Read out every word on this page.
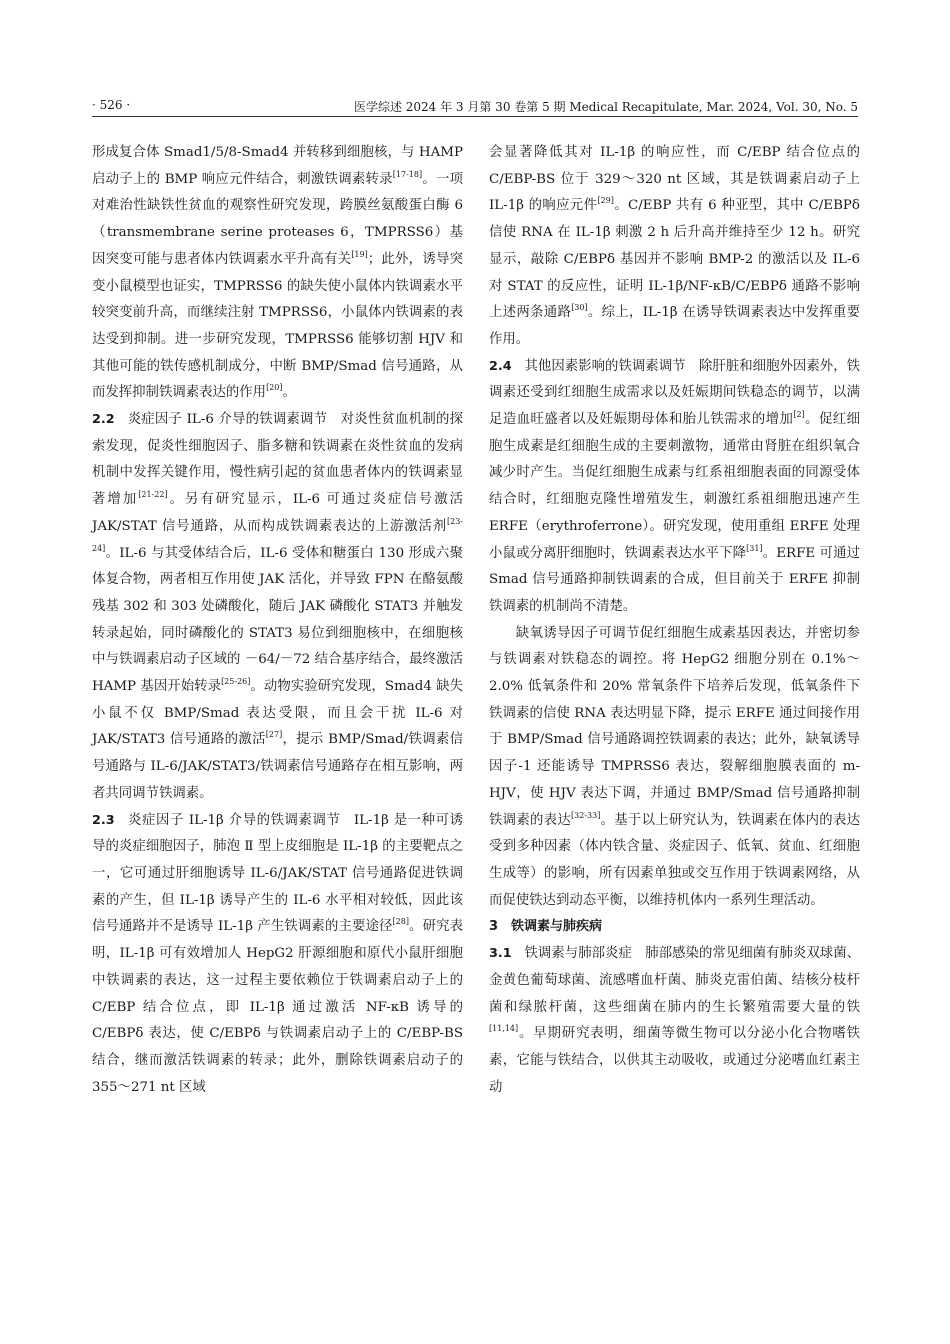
· 526 ·	医学综述 2024 年 3 月第 30 卷第 5 期 Medical Recapitulate, Mar. 2024, Vol. 30, No. 5

形成复合体 Smad1/5/8-Smad4 并转移到细胞核，与 HAMP 启动子上的 BMP 响应元件结合，刺激铁调素转录[17-18]。一项对难治性缺铁性贫血的观察性研究发现，跨膜丝氨酸蛋白酶 6（transmembrane serine proteases 6，TMPRSS6）基因突变可能与患者体内铁调素水平升高有关[19]；此外，诱导突变小鼠模型也证实，TMPRSS6 的缺失使小鼠体内铁调素水平较突变前升高，而继续注射 TMPRSS6，小鼠体内铁调素的表达受到抑制。进一步研究发现，TMPRSS6 能够切割 HJV 和其他可能的铁传感机制成分，中断 BMP/Smad 信号通路，从而发挥抑制铁调素表达的作用[20]。

2.2 炎症因子 IL-6 介导的铁调素调节 对炎性贫血机制的探索发现，促炎性细胞因子、脂多糖和铁调素在炎性贫血的发病机制中发挥关键作用，慢性病引起的贫血患者体内的铁调素显著增加[21-22]。另有研究显示，IL-6 可通过炎症信号激活 JAK/STAT 信号通路，从而构成铁调素表达的上游激活剂[23-24]。IL-6 与其受体结合后，IL-6 受体和糖蛋白 130 形成六聚体复合物，两者相互作用使 JAK 活化，并导致 FPN 在酪氨酸残基 302 和 303 处磷酸化，随后 JAK 磷酸化 STAT3 并触发转录起始，同时磷酸化的 STAT3 易位到细胞核中，在细胞核中与铁调素启动子区域的 －64/－72 结合基序结合，最终激活 HAMP 基因开始转录[25-26]。动物实验研究发现，Smad4 缺失小鼠不仅 BMP/Smad 表达受限，而且会干扰 IL-6 对 JAK/STAT3 信号通路的激活[27]，提示 BMP/Smad/铁调素信号通路与 IL-6/JAK/STAT3/铁调素信号通路存在相互影响，两者共同调节铁调素。

2.3 炎症因子 IL-1β 介导的铁调素调节 IL-1β 是一种可诱导的炎症细胞因子，肺泡 Ⅱ 型上皮细胞是 IL-1β 的主要靶点之一，它可通过肝细胞诱导 IL-6/JAK/STAT 信号通路促进铁调素的产生，但 IL-1β 诱导产生的 IL-6 水平相对较低，因此该信号通路并不是诱导 IL-1β 产生铁调素的主要途径[28]。研究表明，IL-1β 可有效增加人 HepG2 肝源细胞和原代小鼠肝细胞中铁调素的表达，这一过程主要依赖位于铁调素启动子上的 C/EBP 结合位点，即 IL-1β 通过激活 NF-κB 诱导的 C/EBPδ 表达，使 C/EBPδ 与铁调素启动子上的 C/EBP-BS 结合，继而激活铁调素的转录；此外，删除铁调素启动子的 355～271 nt 区域

会显著降低其对 IL-1β 的响应性，而 C/EBP 结合位点的 C/EBP-BS 位于 329～320 nt 区域，其是铁调素启动子上 IL-1β 的响应元件[29]。C/EBP 共有 6 种亚型，其中 C/EBPδ 信使 RNA 在 IL-1β 刺激 2 h 后升高并维持至少 12 h。研究显示，敲除 C/EBPδ 基因并不影响 BMP-2 的激活以及 IL-6 对 STAT 的反应性，证明 IL-1β/NF-κB/C/EBPδ 通路不影响上述两条通路[30]。综上，IL-1β 在诱导铁调素表达中发挥重要作用。

2.4 其他因素影响的铁调素调节 除肝脏和细胞外因素外，铁调素还受到红细胞生成需求以及妊娠期间铁稳态的调节，以满足造血旺盛者以及妊娠期母体和胎儿铁需求的增加[2]。促红细胞生成素是红细胞生成的主要刺激物，通常由肾脏在组织氧合减少时产生。当促红细胞生成素与红系祖细胞表面的同源受体结合时，红细胞克隆性增殖发生，刺激红系祖细胞迅速产生 ERFE（erythroferrone）。研究发现，使用重组 ERFE 处理小鼠或分离肝细胞时，铁调素表达水平下降[31]。ERFE 可通过 Smad 信号通路抑制铁调素的合成，但目前关于 ERFE 抑制铁调素的机制尚不清楚。

缺氧诱导因子可调节促红细胞生成素基因表达，并密切参与铁调素对铁稳态的调控。将 HepG2 细胞分别在 0.1%～2.0% 低氧条件和 20% 常氧条件下培养后发现，低氧条件下铁调素的信使 RNA 表达明显下降，提示 ERFE 通过间接作用于 BMP/Smad 信号通路调控铁调素的表达；此外，缺氧诱导因子-1 还能诱导 TMPRSS6 表达，裂解细胞膜表面的 m-HJV，使 HJV 表达下调，并通过 BMP/Smad 信号通路抑制铁调素的表达[32-33]。基于以上研究认为，铁调素在体内的表达受到多种因素（体内铁含量、炎症因子、低氧、贫血、红细胞生成等）的影响，所有因素单独或交互作用于铁调素网络，从而促使铁达到动态平衡，以维持机体内一系列生理活动。

3 铁调素与肺疾病

3.1 铁调素与肺部炎症 肺部感染的常见细菌有肺炎双球菌、金黄色葡萄球菌、流感嗜血杆菌、肺炎克雷伯菌、结核分枝杆菌和绿脓杆菌，这些细菌在肺内的生长繁殖需要大量的铁[11,14]。早期研究表明，细菌等微生物可以分泌小化合物嗜铁素，它能与铁结合，以供其主动吸收，或通过分泌嗜血红素主动
